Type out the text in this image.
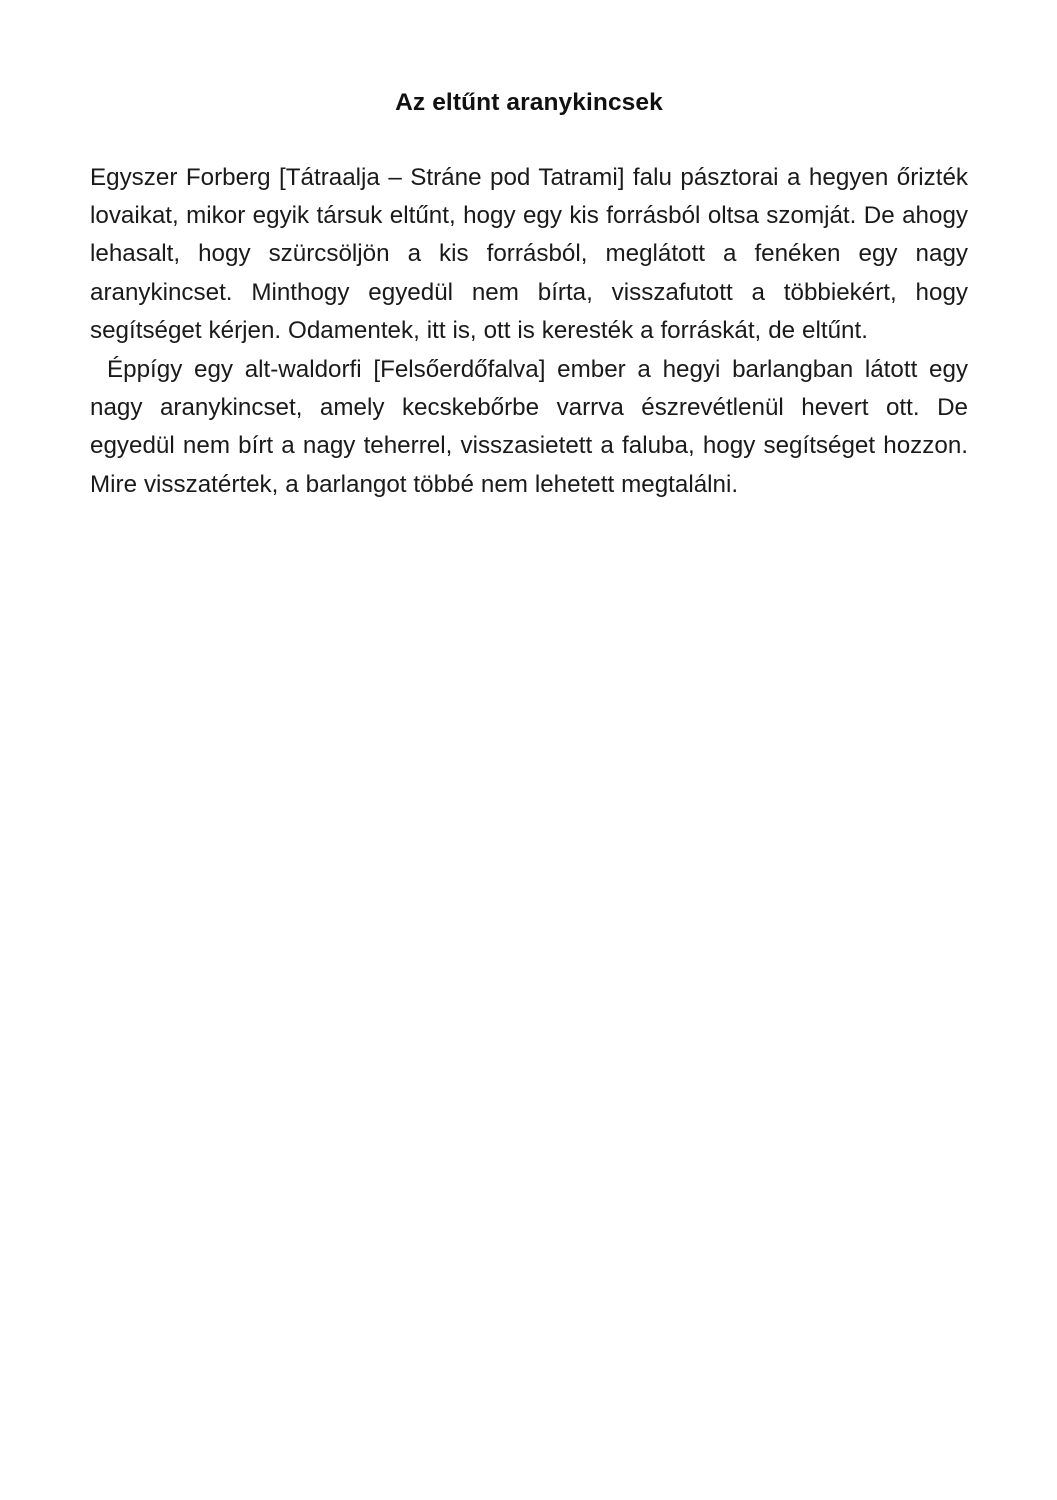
Az eltűnt aranykincsek

Egyszer Forberg [Tátraalja – Stráne pod Tatrami] falu pásztorai a hegyen őrizték lovaikat, mikor egyik társuk eltűnt, hogy egy kis forrásból oltsa szomját. De ahogy lehasalt, hogy szürcsöljön a kis forrásból, meglátott a fenéken egy nagy aranykincset. Minthogy egyedül nem bírta, visszafutott a többiekért, hogy segítséget kérjen. Odamentek, itt is, ott is keresték a forráskát, de eltűnt.

Éppígy egy alt-waldorfi [Felsőerdőfalva] ember a hegyi barlangban látott egy nagy aranykincset, amely kecskebőrbe varrva észrevétlenül hevert ott. De egyedül nem bírt a nagy teherrel, visszasietett a faluba, hogy segítséget hozzon. Mire visszatértek, a barlangot többé nem lehetett megtalálni.
